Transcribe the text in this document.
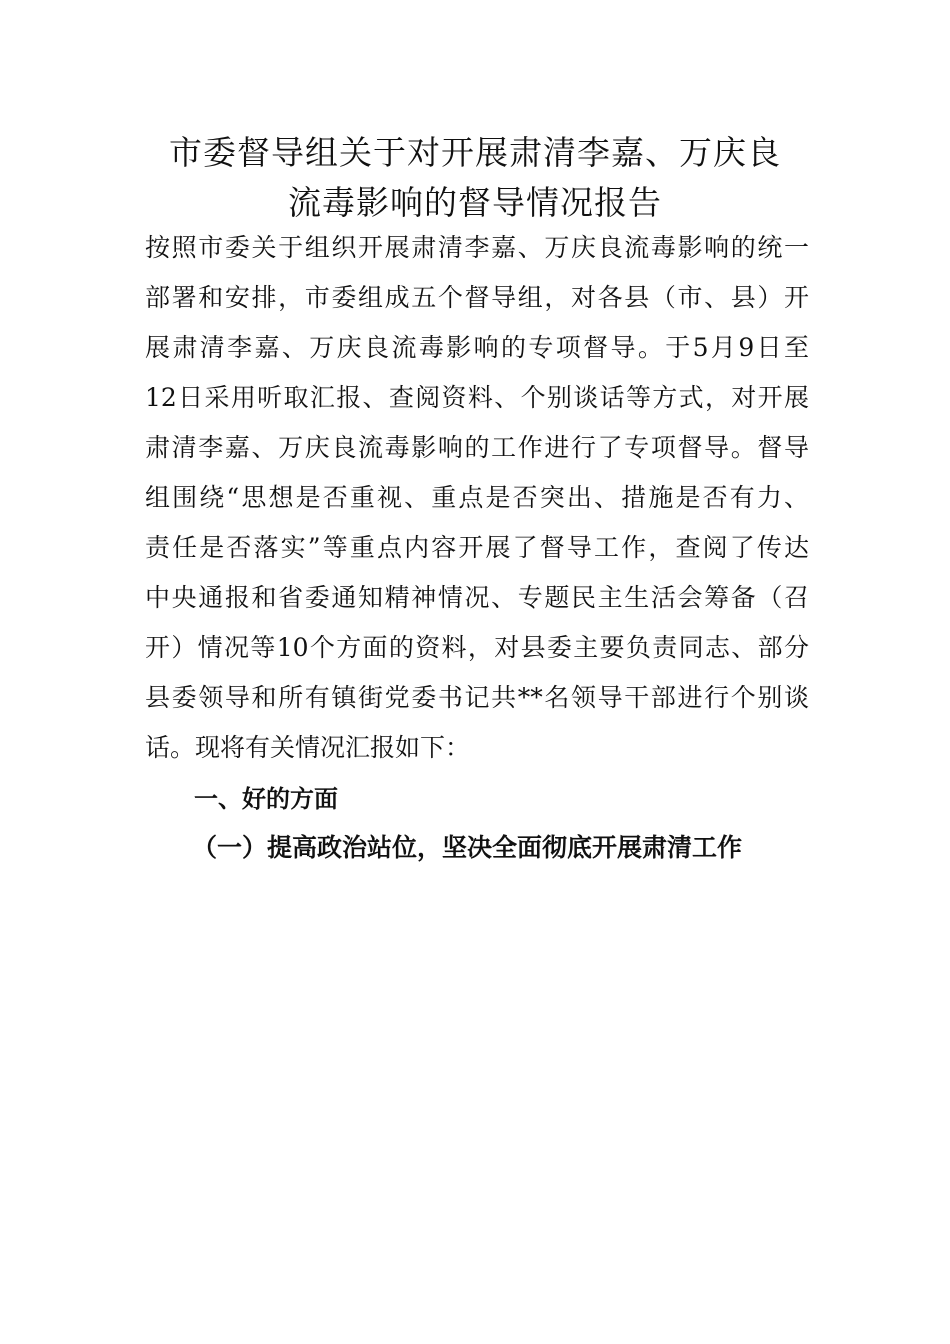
市委督导组关于对开展肃清李嘉、万庆良
流毒影响的督导情况报告

按照市委关于组织开展肃清李嘉、万庆良流毒影响的统一

部署和安排，市委组成五个督导组，对各县（市、县）开

展肃清李嘉、万庆良流毒影响的专项督导。于5月9日至

12日采用听取汇报、查阅资料、个别谈话等方式，对开展

肃清李嘉、万庆良流毒影响的工作进行了专项督导。督导

组围绕“思想是否重视、重点是否突出、措施是否有力、

责任是否落实”等重点内容开展了督导工作，查阅了传达

中央通报和省委通知精神情况、专题民主生活会筹备（召

开）情况等10个方面的资料，对县委主要负责同志、部分

县委领导和所有镇街党委书记共**名领导干部进行个别谈

话。现将有关情况汇报如下：

一、好的方面
（一）提高政治站位，坚决全面彻底开展肃清工作
